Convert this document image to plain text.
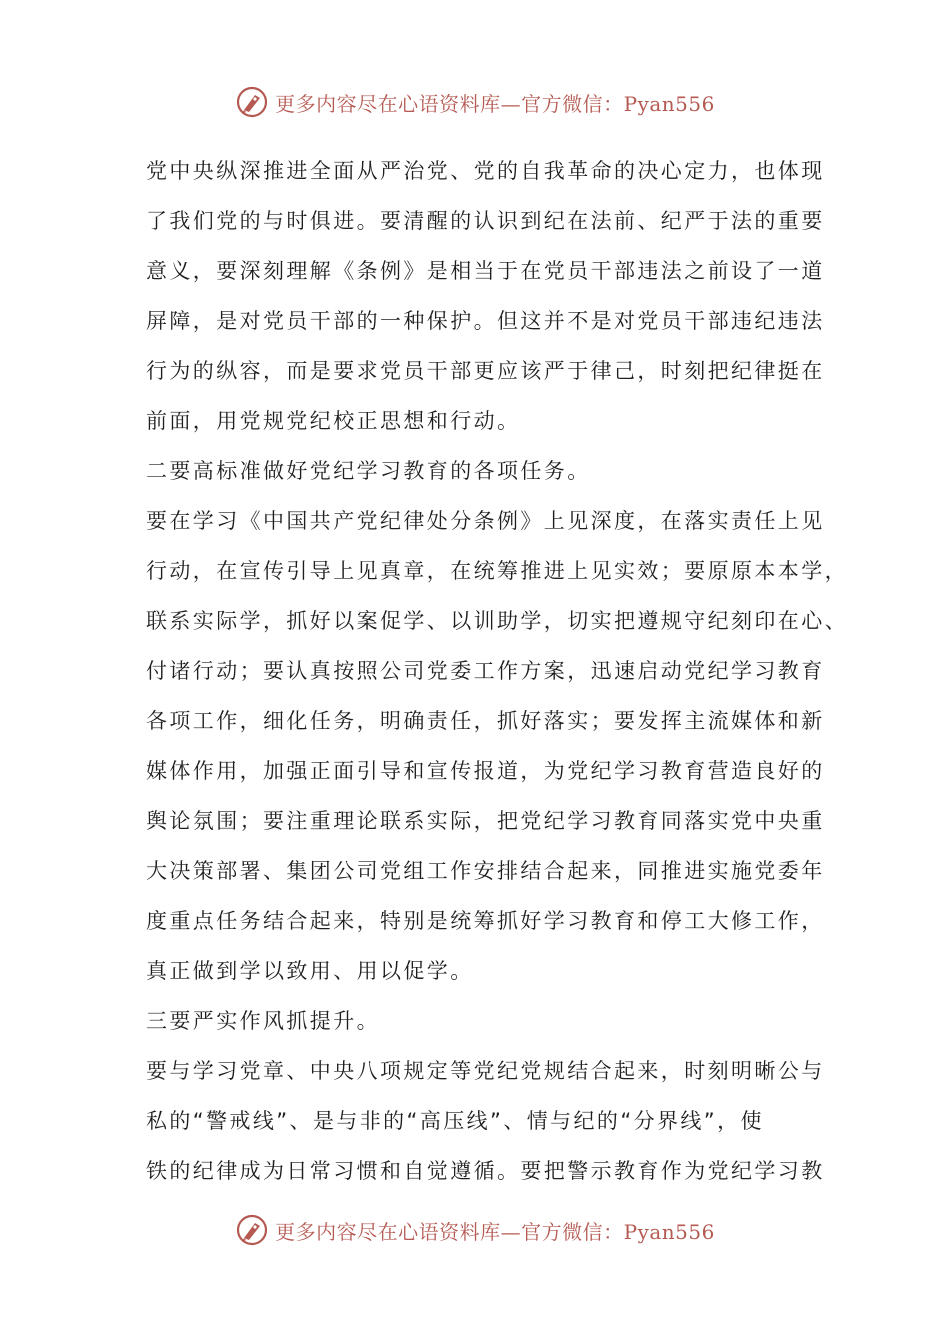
更多内容尽在心语资料库—官方微信：Pyan556
党中央纵深推进全面从严治党、党的自我革命的决心定力，也体现
了我们党的与时俱进。要清醒的认识到纪在法前、纪严于法的重要
意义，要深刻理解《条例》是相当于在党员干部违法之前设了一道
屏障，是对党员干部的一种保护。但这并不是对党员干部违纪违法
行为的纵容，而是要求党员干部更应该严于律己，时刻把纪律挺在
前面，用党规党纪校正思想和行动。
二要高标准做好党纪学习教育的各项任务。
要在学习《中国共产党纪律处分条例》上见深度，在落实责任上见
行动，在宣传引导上见真章，在统筹推进上见实效；要原原本本学，
联系实际学，抓好以案促学、以训助学，切实把遵规守纪刻印在心、
付诸行动；要认真按照公司党委工作方案，迅速启动党纪学习教育
各项工作，细化任务，明确责任，抓好落实；要发挥主流媒体和新
媒体作用，加强正面引导和宣传报道，为党纪学习教育营造良好的
舆论氛围；要注重理论联系实际，把党纪学习教育同落实党中央重
大决策部署、集团公司党组工作安排结合起来，同推进实施党委年
度重点任务结合起来，特别是统筹抓好学习教育和停工大修工作，
真正做到学以致用、用以促学。
三要严实作风抓提升。
要与学习党章、中央八项规定等党纪党规结合起来，时刻明晰公与
私的“警戒线”、是与非的“高压线”、情与纪的“分界线”，使
铁的纪律成为日常习惯和自觉遵循。要把警示教育作为党纪学习教
更多内容尽在心语资料库—官方微信：Pyan556
